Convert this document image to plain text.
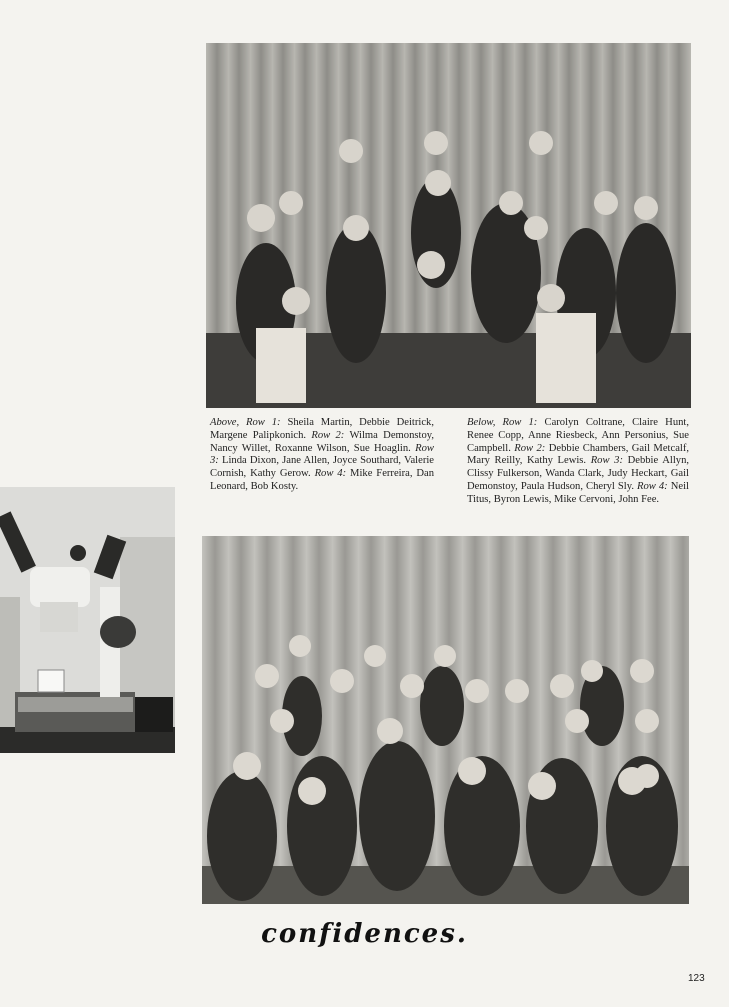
Above, Row 1: Sheila Martin, Debbie Deitrick, Margene Palipkonich. Row 2: Wilma Demonstoy, Nancy Willet, Roxanne Wilson, Sue Hoaglin. Row 3: Linda Dixon, Jane Allen, Joyce Southard, Valerie Cornish, Kathy Gerow. Row 4: Mike Ferreira, Dan Leonard, Bob Kosty.
Below, Row 1: Carolyn Coltrane, Claire Hunt, Renee Copp, Anne Riesbeck, Ann Personius, Sue Campbell. Row 2: Debbie Chambers, Gail Metcalf, Mary Reilly, Kathy Lewis. Row 3: Debbie Allyn, Clissy Fulkerson, Wanda Clark, Judy Heckart, Gail Demonstoy, Paula Hudson, Cheryl Sly. Row 4: Neil Titus, Byron Lewis, Mike Cervoni, John Fee.
confidences.
123
